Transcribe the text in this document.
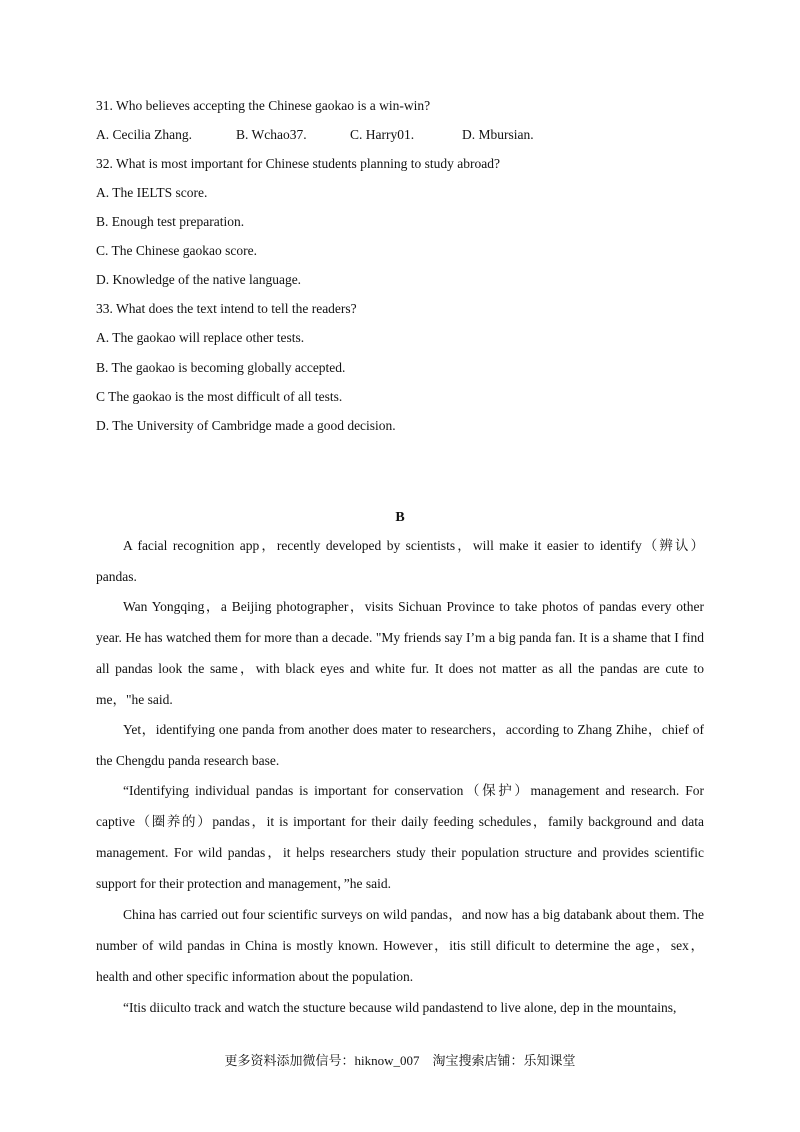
31. Who believes accepting the Chinese gaokao is a win-win?
A. Cecilia Zhang.	B. Wchao37.	C. Harry01.	D. Mbursian.
32. What is most important for Chinese students planning to study abroad?
A. The IELTS score.
B. Enough test preparation.
C. The Chinese gaokao score.
D. Knowledge of the native language.
33. What does the text intend to tell the readers?
A. The gaokao will replace other tests.
B. The gaokao is becoming globally accepted.
C The gaokao is the most difficult of all tests.
D. The University of Cambridge made a good decision.
B
A facial recognition app，recently developed by scientists，will make it easier to identify（辨认）pandas.
Wan Yongqing，a Beijing photographer，visits Sichuan Province to take photos of pandas every other year. He has watched them for more than a decade. "My friends say I’m a big panda fan. It is a shame that I find all pandas look the same，with black eyes and white fur. It does not matter as all the pandas are cute to me，"he said.
Yet，identifying one panda from another does mater to researchers，according to Zhang Zhihe，chief of the Chengdu panda research base.
“Identifying individual pandas is important for conservation（保护）management and research. For captive（圈养的）pandas，it is important for their daily feeding schedules，family background and data management. For wild pandas，it helps researchers study their population structure and provides scientific support for their protection and management，”he said.
China has carried out four scientific surveys on wild pandas，and now has a big databank about them. The number of wild pandas in China is mostly known. However，itis still dificult to determine the age，sex，health and other specific information about the population.
“Itis diiculto track and watch the stucture because wild pandastend to live alone, dep in the mountains,
更多资料添加微信号：hiknow_007　淘宝搜索店铺：乐知课堂
